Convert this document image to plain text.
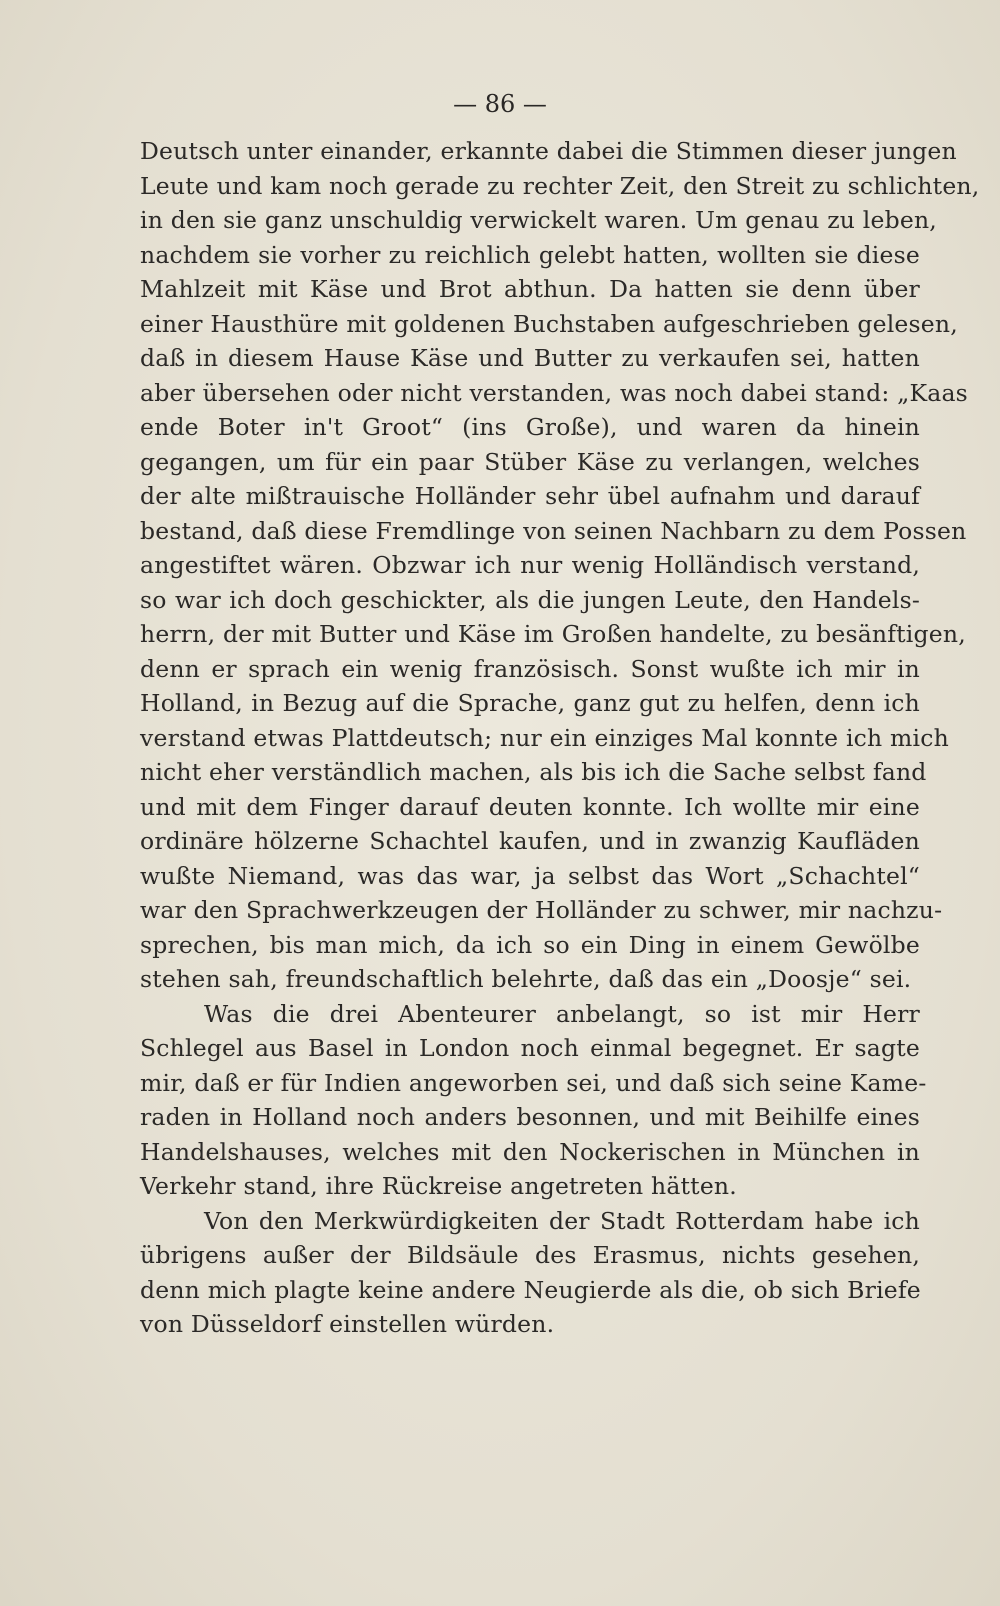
— 86 —
Deutsch unter einander, erkannte dabei die Stimmen dieser jungen
Leute und kam noch gerade zu rechter Zeit, den Streit zu schlichten,
in den sie ganz unschuldig verwickelt waren. Um genau zu leben,
nachdem sie vorher zu reichlich gelebt hatten, wollten sie diese
Mahlzeit mit Käse und Brot abthun. Da hatten sie denn über
einer Hausthüre mit goldenen Buchstaben aufgeschrieben gelesen,
daß in diesem Hause Käse und Butter zu verkaufen sei, hatten
aber übersehen oder nicht verstanden, was noch dabei stand: „Kaas
ende Boter in't Groot“ (ins Große), und waren da hinein
gegangen, um für ein paar Stüber Käse zu verlangen, welches
der alte mißtrauische Holländer sehr übel aufnahm und darauf
bestand, daß diese Fremdlinge von seinen Nachbarn zu dem Possen
angestiftet wären. Obzwar ich nur wenig Holländisch verstand,
so war ich doch geschickter, als die jungen Leute, den Handels-
herrn, der mit Butter und Käse im Großen handelte, zu besänftigen,
denn er sprach ein wenig französisch. Sonst wußte ich mir in
Holland, in Bezug auf die Sprache, ganz gut zu helfen, denn ich
verstand etwas Plattdeutsch; nur ein einziges Mal konnte ich mich
nicht eher verständlich machen, als bis ich die Sache selbst fand
und mit dem Finger darauf deuten konnte. Ich wollte mir eine
ordinäre hölzerne Schachtel kaufen, und in zwanzig Kaufläden
wußte Niemand, was das war, ja selbst das Wort „Schachtel“
war den Sprachwerkzeugen der Holländer zu schwer, mir nachzu-
sprechen, bis man mich, da ich so ein Ding in einem Gewölbe
stehen sah, freundschaftlich belehrte, daß das ein „Doosje“ sei.
Was die drei Abenteurer anbelangt, so ist mir Herr
Schlegel aus Basel in London noch einmal begegnet. Er sagte
mir, daß er für Indien angeworben sei, und daß sich seine Kame-
raden in Holland noch anders besonnen, und mit Beihilfe eines
Handelshauses, welches mit den Nockerischen in München in
Verkehr stand, ihre Rückreise angetreten hätten.
Von den Merkwürdigkeiten der Stadt Rotterdam habe ich
übrigens außer der Bildsäule des Erasmus, nichts gesehen,
denn mich plagte keine andere Neugierde als die, ob sich Briefe
von Düsseldorf einstellen würden.
